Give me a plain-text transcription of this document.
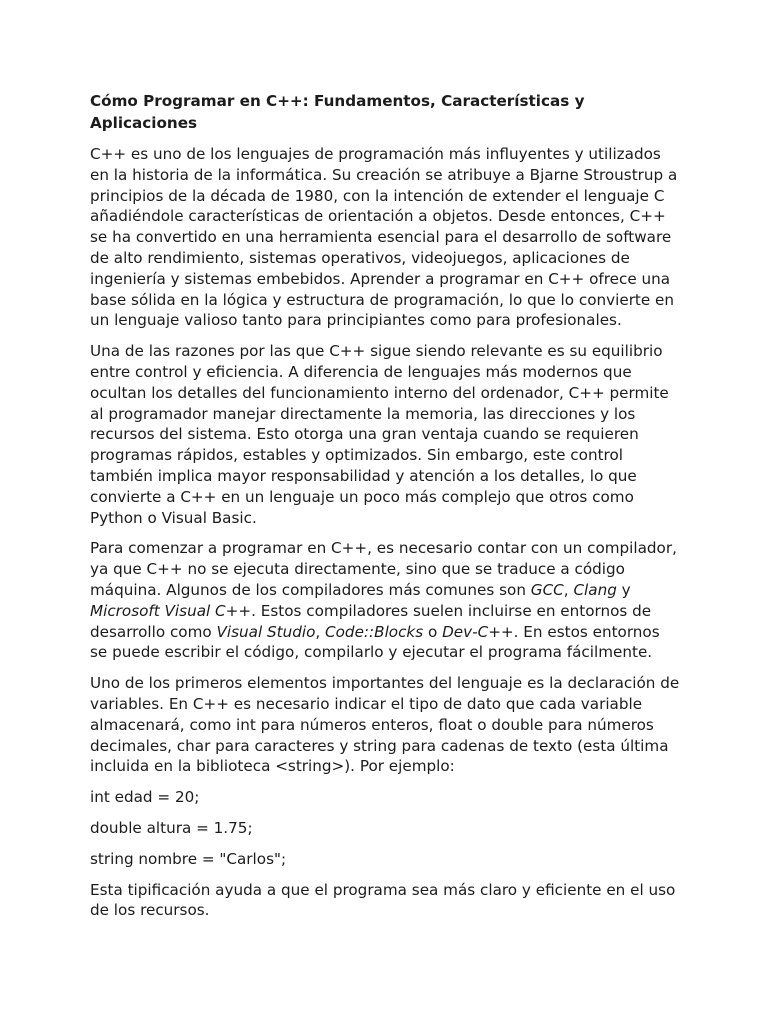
Cómo Programar en C++: Fundamentos, Características y Aplicaciones

C++ es uno de los lenguajes de programación más influyentes y utilizados en la historia de la informática. Su creación se atribuye a Bjarne Stroustrup a principios de la década de 1980, con la intención de extender el lenguaje C añadiéndole características de orientación a objetos. Desde entonces, C++ se ha convertido en una herramienta esencial para el desarrollo de software de alto rendimiento, sistemas operativos, videojuegos, aplicaciones de ingeniería y sistemas embebidos. Aprender a programar en C++ ofrece una base sólida en la lógica y estructura de programación, lo que lo convierte en un lenguaje valioso tanto para principiantes como para profesionales.

Una de las razones por las que C++ sigue siendo relevante es su equilibrio entre control y eficiencia. A diferencia de lenguajes más modernos que ocultan los detalles del funcionamiento interno del ordenador, C++ permite al programador manejar directamente la memoria, las direcciones y los recursos del sistema. Esto otorga una gran ventaja cuando se requieren programas rápidos, estables y optimizados. Sin embargo, este control también implica mayor responsabilidad y atención a los detalles, lo que convierte a C++ en un lenguaje un poco más complejo que otros como Python o Visual Basic.

Para comenzar a programar en C++, es necesario contar con un compilador, ya que C++ no se ejecuta directamente, sino que se traduce a código máquina. Algunos de los compiladores más comunes son GCC, Clang y Microsoft Visual C++. Estos compiladores suelen incluirse en entornos de desarrollo como Visual Studio, Code::Blocks o Dev-C++. En estos entornos se puede escribir el código, compilarlo y ejecutar el programa fácilmente.

Uno de los primeros elementos importantes del lenguaje es la declaración de variables. En C++ es necesario indicar el tipo de dato que cada variable almacenará, como int para números enteros, float o double para números decimales, char para caracteres y string para cadenas de texto (esta última incluida en la biblioteca <string>). Por ejemplo:

int edad = 20;

double altura = 1.75;

string nombre = "Carlos";

Esta tipificación ayuda a que el programa sea más claro y eficiente en el uso de los recursos.
